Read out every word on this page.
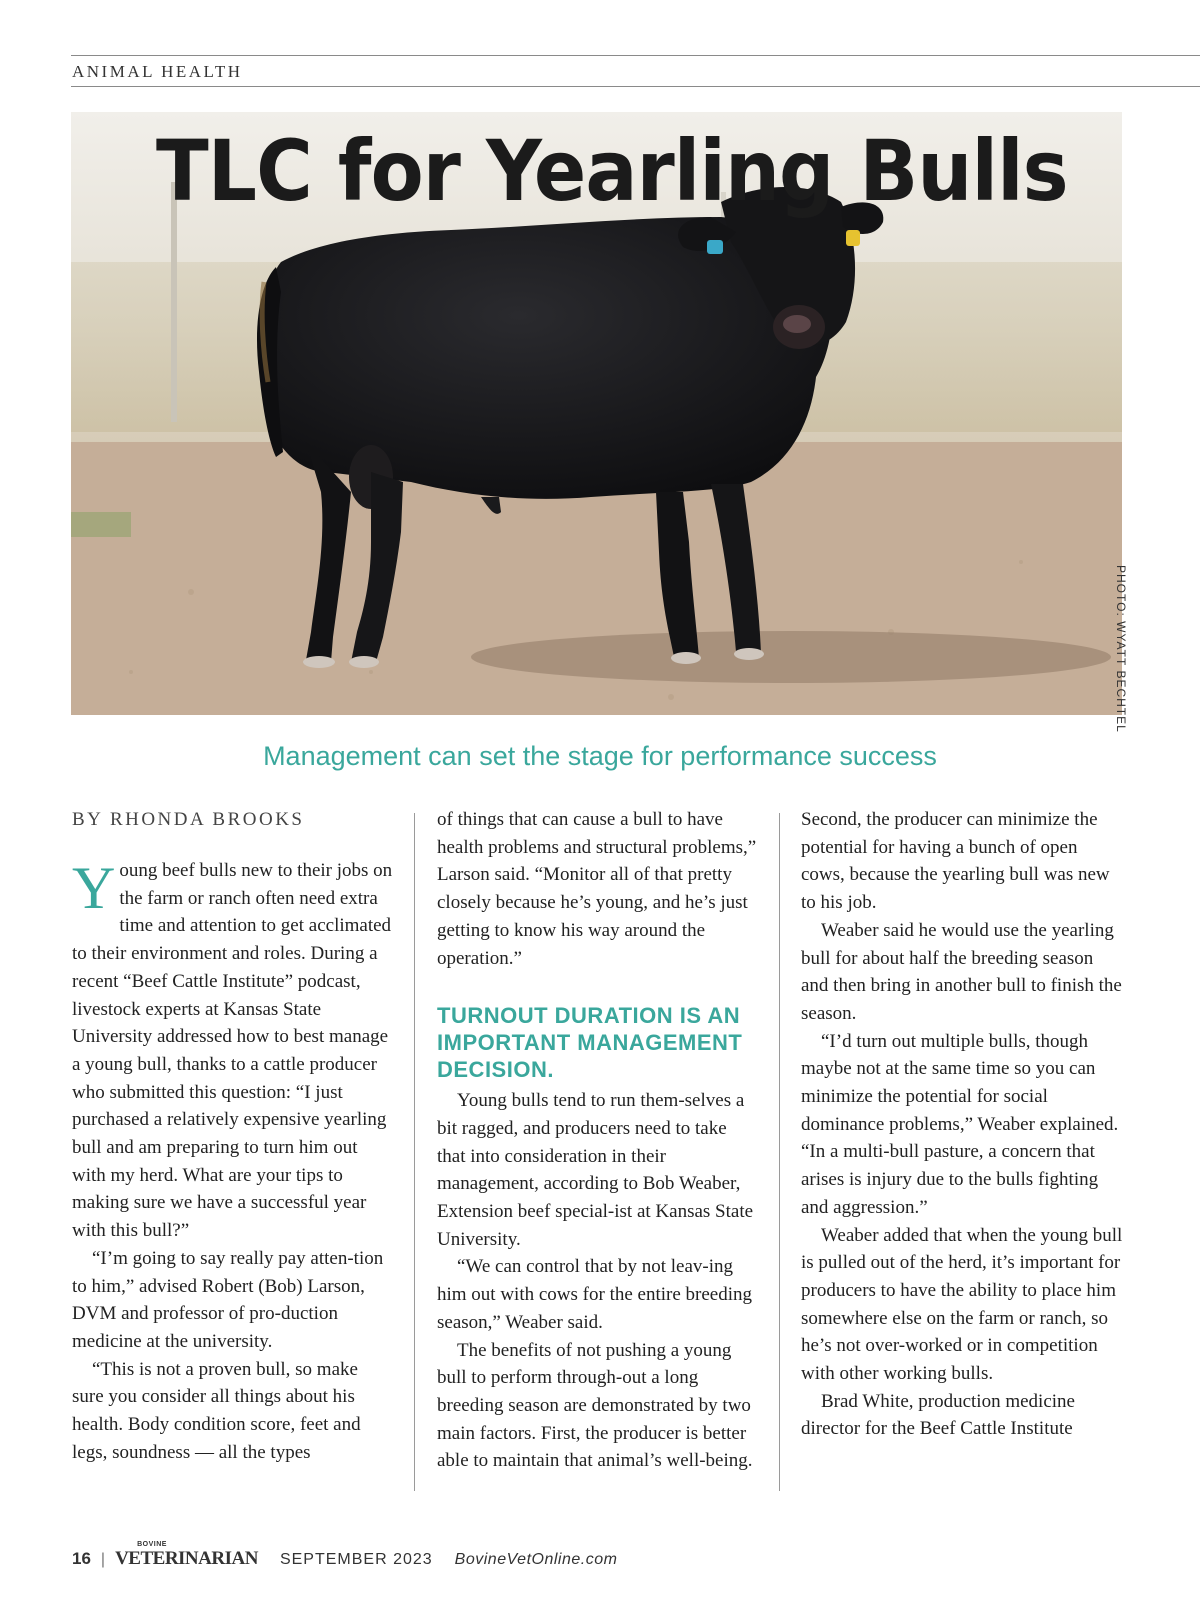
ANIMAL HEALTH
TLC for Yearling Bulls
PHOTO: WYATT BECHTEL
Management can set the stage for performance success
BY RHONDA BROOKS

Young beef bulls new to their jobs on the farm or ranch often need extra time and attention to get acclimated to their environment and roles. During a recent “Beef Cattle Institute” podcast, livestock experts at Kansas State University addressed how to best manage a young bull, thanks to a cattle producer who submitted this question: “I just purchased a relatively expensive yearling bull and am preparing to turn him out with my herd. What are your tips to making sure we have a successful year with this bull?”

“I’m going to say really pay atten-tion to him,” advised Robert (Bob) Larson, DVM and professor of pro-duction medicine at the university.

“This is not a proven bull, so make sure you consider all things about his health. Body condition score, feet and legs, soundness — all the types

of things that can cause a bull to have health problems and structural problems,” Larson said. “Monitor all of that pretty closely because he’s young, and he’s just getting to know his way around the operation.”

TURNOUT DURATION IS AN IMPORTANT MANAGEMENT DECISION.

Young bulls tend to run them-selves a bit ragged, and producers need to take that into consideration in their management, according to Bob Weaber, Extension beef special-ist at Kansas State University.

“We can control that by not leav-ing him out with cows for the entire breeding season,” Weaber said.

The benefits of not pushing a young bull to perform through-out a long breeding season are demonstrated by two main factors. First, the producer is better able to maintain that animal’s well-being.

Second, the producer can minimize the potential for having a bunch of open cows, because the yearling bull was new to his job.

Weaber said he would use the yearling bull for about half the breeding season and then bring in another bull to finish the season.

“I’d turn out multiple bulls, though maybe not at the same time so you can minimize the potential for social dominance problems,” Weaber explained. “In a multi-bull pasture, a concern that arises is injury due to the bulls fighting and aggression.”

Weaber added that when the young bull is pulled out of the herd, it’s important for producers to have the ability to place him somewhere else on the farm or ranch, so he’s not over-worked or in competition with other working bulls.

Brad White, production medicine director for the Beef Cattle Institute

16 |
BOVINE
VETERINARIAN SEPTEMBER 2023 BovineVetOnline.com
